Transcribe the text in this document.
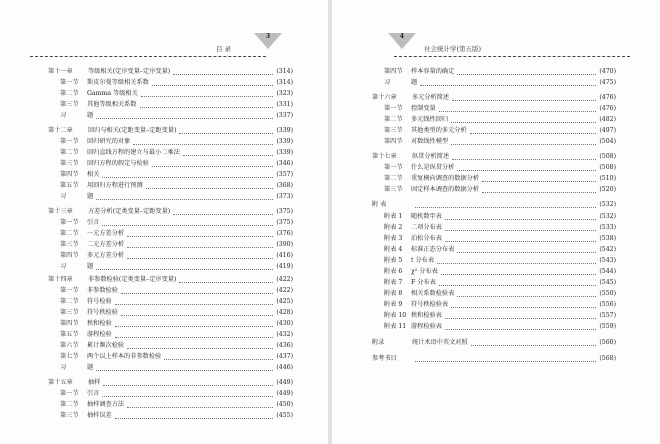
3
目 录
第十一章 等级相关(定序变量–定序变量)	(314)
第一节 斯皮尔曼等级相关系数	(314)
第二节 Gamma 等级相关	(323)
第三节 其他等级相关系数	(331)
习	题	(337)
第十二章 回归与相关(定距变量–定距变量)	(339)
第一节 回归研究的对象	(339)
第二节 回归直线方程的建立与最小二乘法	(339)
第三节 回归方程的假定与检验	(346)
第四节 相关	(357)
第五节 用回归方程进行预测	(368)
习	题	(373)
第十三章 方差分析(定类变量–定距变量)	(375)
第一节 引言	(375)
第二节 一元方差分析	(376)
第三节 二元方差分析	(390)
第四节 多元方差分析	(416)
习	题	(419)
第十四章 非参数检验(定类变量–定序变量)	(422)
第一节 非参数检验	(422)
第二节 符号检验	(425)
第三节 符号秩检验	(428)
第四节 秩和检验	(430)
第五节 游程检验	(432)
第六节 累计频次检验	(436)
第七节 两个以上样本的非参数检验	(437)
习	题	(446)
第十五章 抽样	(449)
第一节 引言	(449)
第二节 抽样调查方法	(450)
第三节 抽样误差	(455)
4
社会统计学(第五版)
第四节 样本容量的确定	(470)
习	题	(475)
第十六章 多元分析简述	(476)
第一节 控制变量	(476)
第二节 多元线性回归	(482)
第三节 其他类型的多元分析	(497)
第四节 对数线性模型	(504)
第十七章 纵贯分析简述	(508)
第一节 什么是纵贯分析	(508)
第二节 重复横向调查的数据分析	(510)
第三节 固定样本调查的数据分析	(520)
附 表	(532)
附表 1 随机数字表	(532)
附表 2 二项分布表	(533)
附表 3 泊松分布表	(538)
附表 4 标准正态分布表	(542)
附表 5 t 分布表	(543)
附表 6 χ² 分布表	(544)
附表 7 F 分布表	(545)
附表 8 相关系数检验表	(550)
附表 9 符号秩检验表	(556)
附表 10 秩和检验表	(557)
附表 11 游程检验表	(559)
附录	统计术语中英文对照	(560)
参考书目	(568)
